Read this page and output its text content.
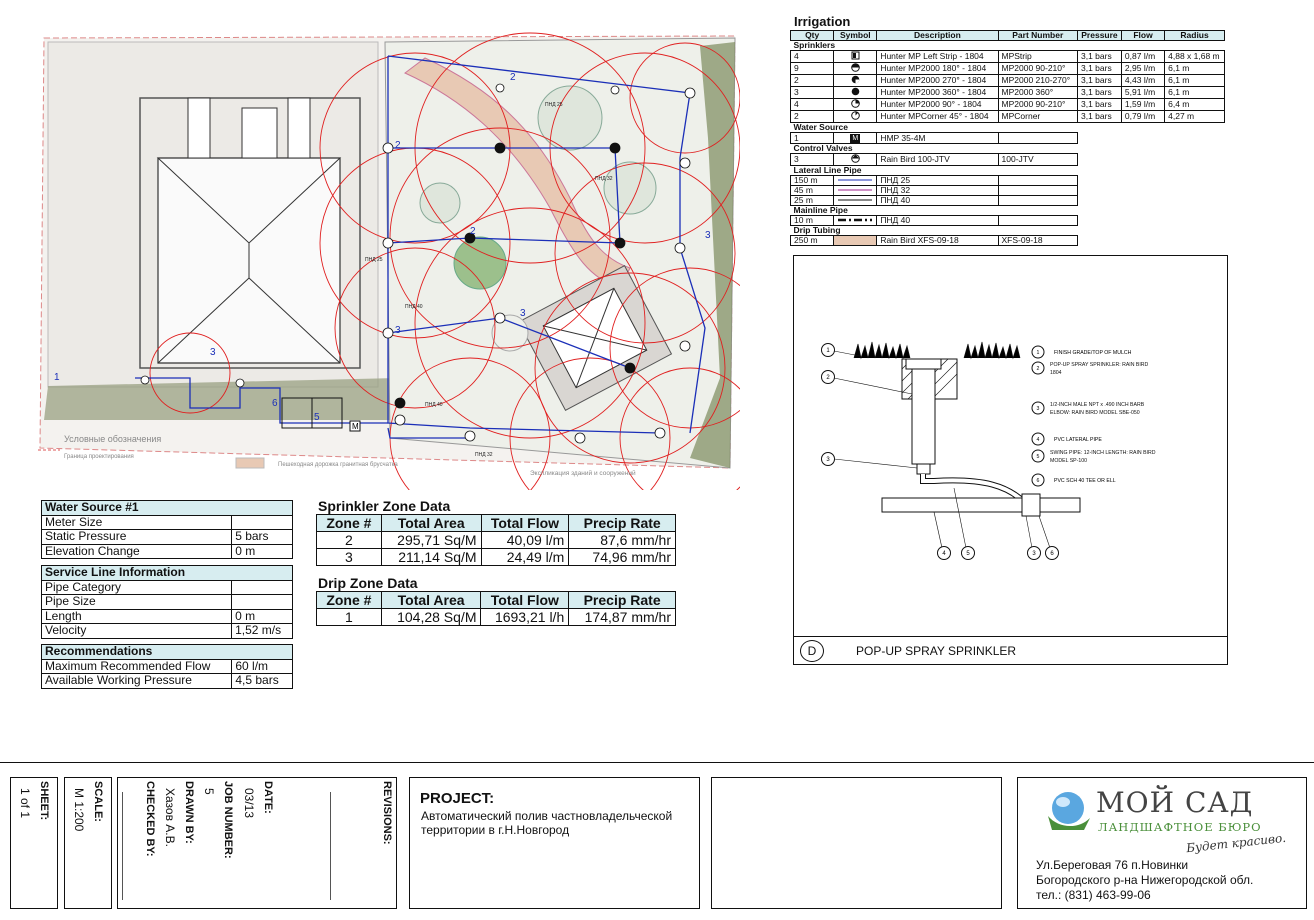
M
2
2
2
3
3
3
3
1
5
6
ПНД 25
ПНД 32
ПНД 25
ПНД 40
ПНД 40
ПНД 32
Условные обозначения
Граница проектирования
Пешеходная дорожка гранитная брусчатка
Экспликация зданий и сооружений
Irrigation
Qty	Symbol	Description	Part Number	Pressure	Flow	Radius
Sprinklers						
4		Hunter MP Left Strip - 1804	MPStrip	3,1 bars	0,87 l/m	4,88 x 1,68 m
9		Hunter MP2000 180° - 1804	MP2000 90-210°	3,1 bars	2,95 l/m	6,1 m
2		Hunter MP2000 270° - 1804	MP2000 210-270°	3,1 bars	4,43 l/m	6,1 m
3		Hunter MP2000 360° - 1804	MP2000 360°	3,1 bars	5,91 l/m	6,1 m
4		Hunter MP2000 90° - 1804	MP2000 90-210°	3,1 bars	1,59 l/m	6,4 m
2		Hunter MPCorner 45° - 1804	MPCorner	3,1 bars	0,79 l/m	4,27 m
Water Source						
1	M	HMP 35-4M				
Control Valves						
3		Rain Bird 100-JTV	100-JTV			
Lateral Line Pipe						
150 m		ПНД 25				
45 m		ПНД 32				
25 m		ПНД 40				
Mainline Pipe						
10 m		ПНД 40				
Drip Tubing						
250 m		Rain Bird XFS-09-18	XFS-09-18			
1
2
3
4	5	3 6
1	FINISH GRADE/TOP OF MULCH
2
POP-UP SPRAY SPRINKLER: RAIN BIRD 1804
3
1/2-INCH MALE NPT x .490 INCH BARB ELBOW: RAIN BIRD MODEL SBE-050
4	PVC LATERAL PIPE
5
SWING PIPE: 12-INCH LENGTH: RAIN BIRD MODEL SP-100
6	PVC SCH 40 TEE OR ELL
D	POP-UP SPRAY SPRINKLER
Water Source #1	
Meter Size	
Static Pressure	5 bars
Elevation Change	0 m
Service Line Information	
Pipe Category	
Pipe Size	
Length	0 m
Velocity	1,52 m/s
Recommendations	
Maximum Recommended Flow	60 l/m
Available Working Pressure	4,5 bars
Sprinkler Zone Data
Zone #	Total Area	Total Flow	Precip Rate
2	295,71 Sq/M	40,09 l/m	87,6 mm/hr
3	211,14 Sq/M	24,49 l/m	74,96 mm/hr
Drip Zone Data
Zone #	Total Area	Total Flow	Precip Rate
1	104,28 Sq/M	1693,21 l/h	174,87 mm/hr
SHEET:
1 of 1	SCALE:
M 1:200	CHECKED BY: DRAWN BY:
Хазов А.В.	JOB NUMBER:
5	DATE:
03/13	REVISIONS: PROJECT:
Автоматический полив частновладельческой территории в г.Н.Новгород
МОЙ САД
ЛАНДШАФТНОЕ БЮРО
Будет красиво.
Ул.Береговая 76 п.Новинки
Богородского р-на Нижегородской обл.
тел.: (831) 463-99-06
